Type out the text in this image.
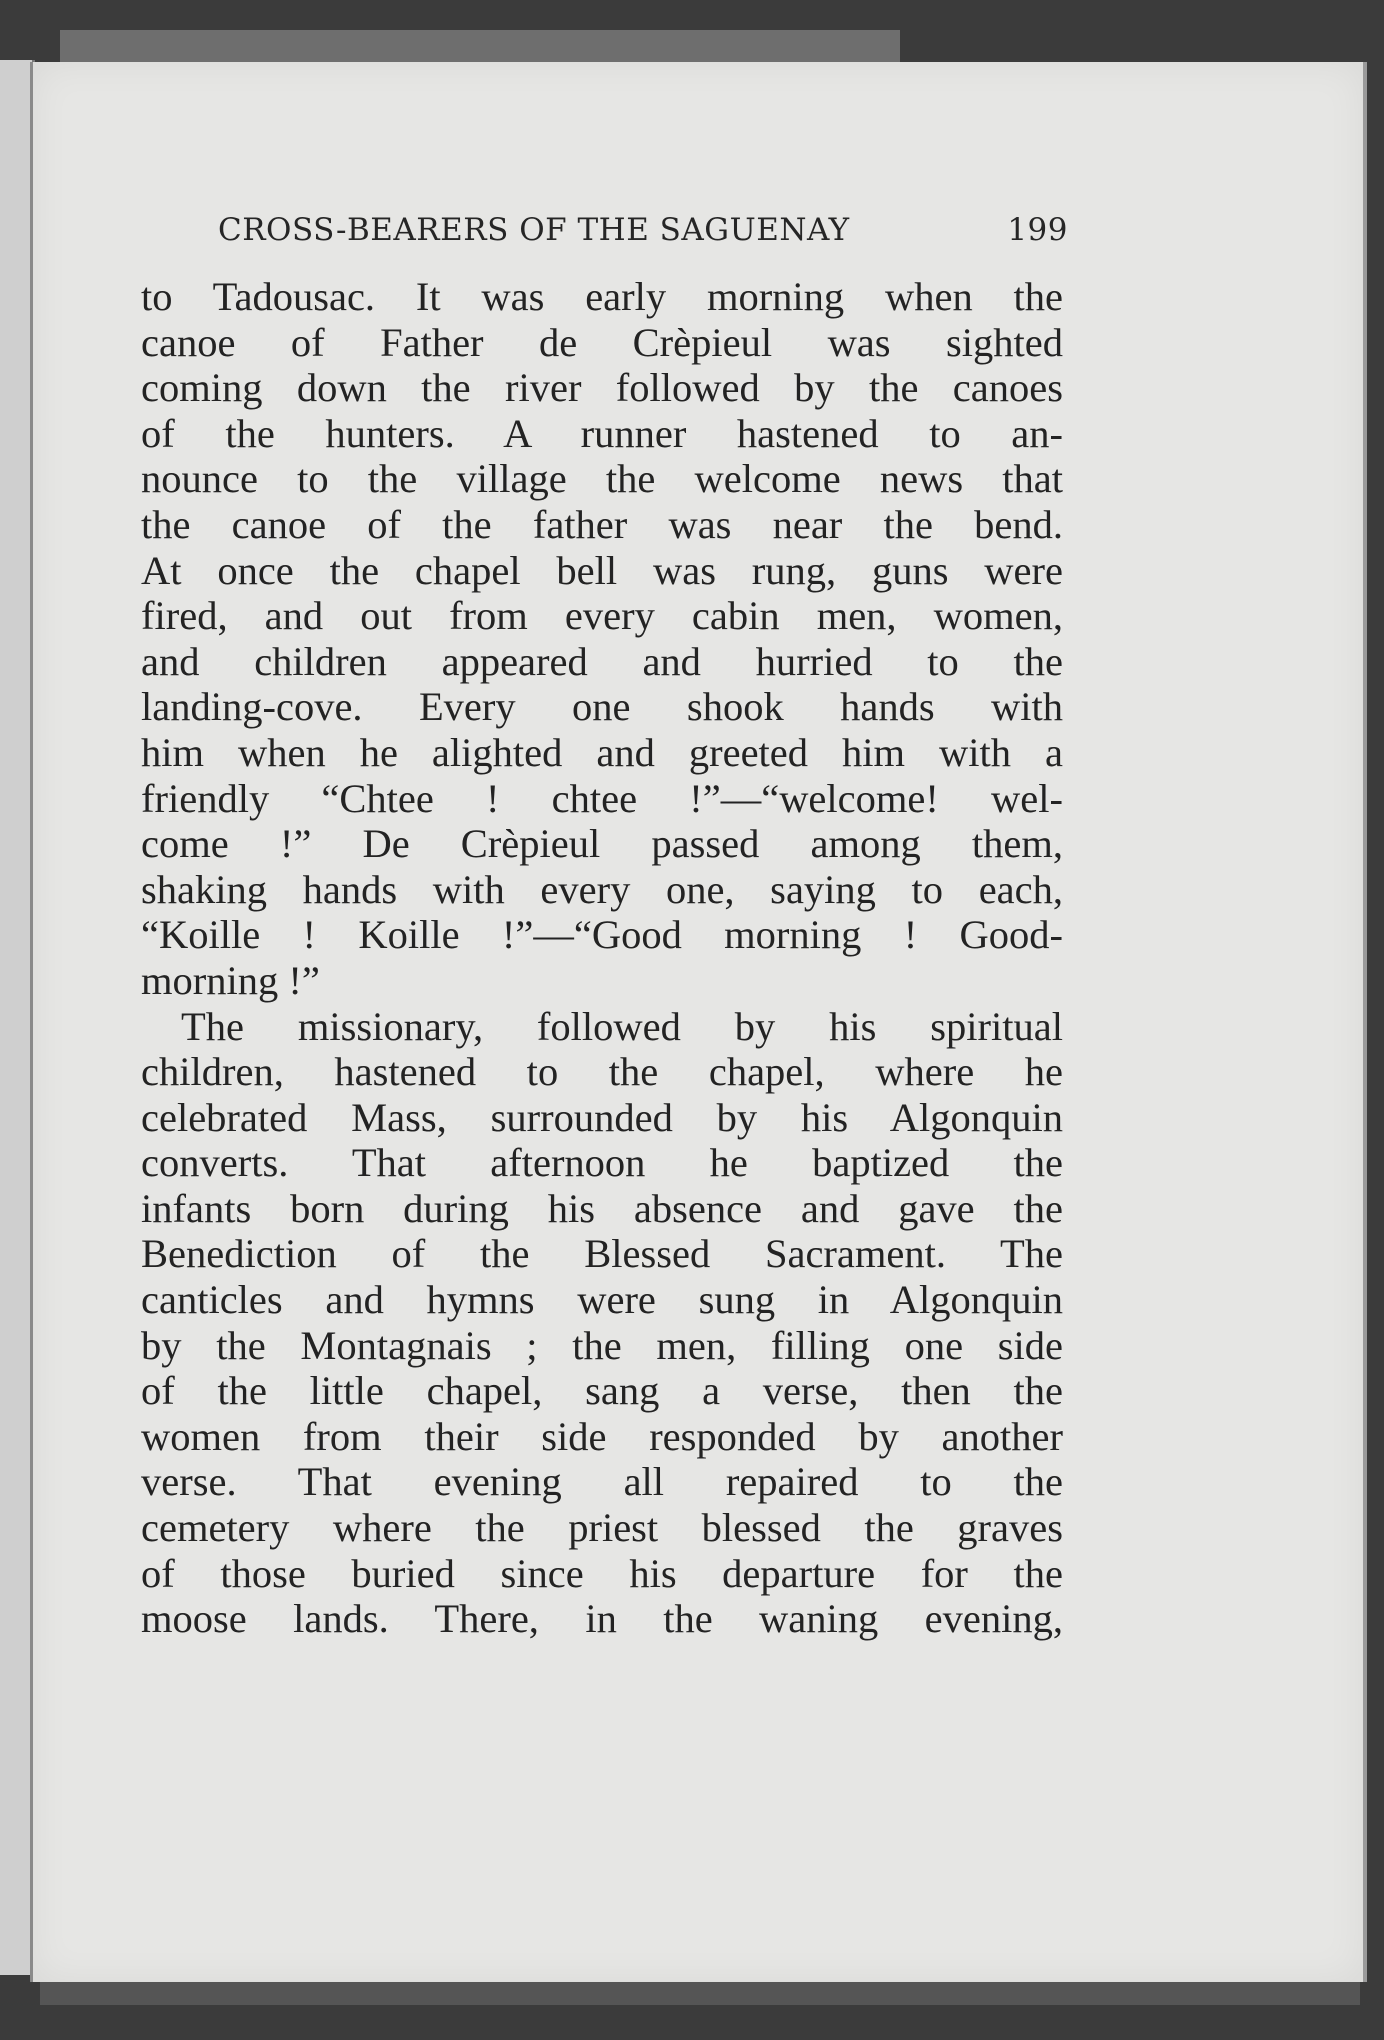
CROSS-BEARERS OF THE SAGUENAY	199
to Tadousac. It was early morning when the
canoe of Father de Crèpieul was sighted
coming down the river followed by the canoes
of the hunters. A runner hastened to an-
nounce to the village the welcome news that
the canoe of the father was near the bend.
At once the chapel bell was rung, guns were
fired, and out from every cabin men, women,
and children appeared and hurried to the
landing-cove. Every one shook hands with
him when he alighted and greeted him with a
friendly “Chtee ! chtee !”—“welcome! wel-
come !” De Crèpieul passed among them,
shaking hands with every one, saying to each,
“Koille ! Koille !”—“Good morning ! Good-
morning !”
The missionary, followed by his spiritual
children, hastened to the chapel, where he
celebrated Mass, surrounded by his Algonquin
converts. That afternoon he baptized the
infants born during his absence and gave the
Benediction of the Blessed Sacrament. The
canticles and hymns were sung in Algonquin
by the Montagnais ; the men, filling one side
of the little chapel, sang a verse, then the
women from their side responded by another
verse. That evening all repaired to the
cemetery where the priest blessed the graves
of those buried since his departure for the
moose lands. There, in the waning evening,
